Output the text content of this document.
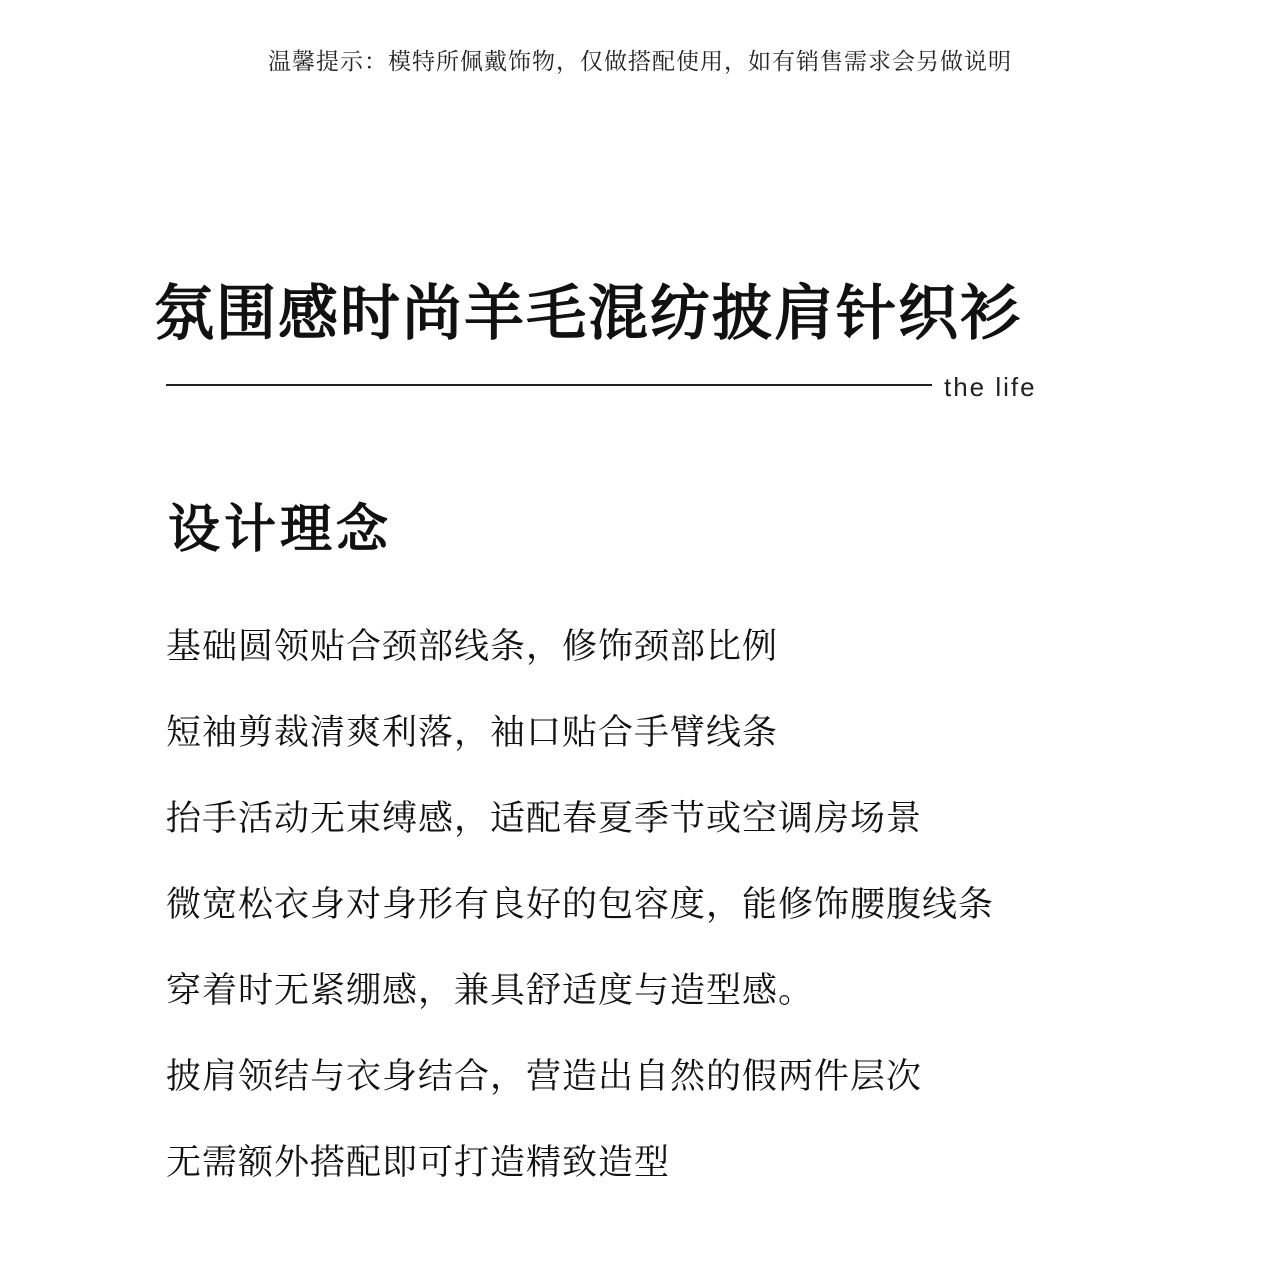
温馨提示：模特所佩戴饰物，仅做搭配使用，如有销售需求会另做说明
氛围感时尚羊毛混纺披肩针织衫
the life
设计理念
基础圆领贴合颈部线条，修饰颈部比例
短袖剪裁清爽利落，袖口贴合手臂线条
抬手活动无束缚感，适配春夏季节或空调房场景
微宽松衣身对身形有良好的包容度，能修饰腰腹线条
穿着时无紧绷感，兼具舒适度与造型感。
披肩领结与衣身结合，营造出自然的假两件层次
无需额外搭配即可打造精致造型
